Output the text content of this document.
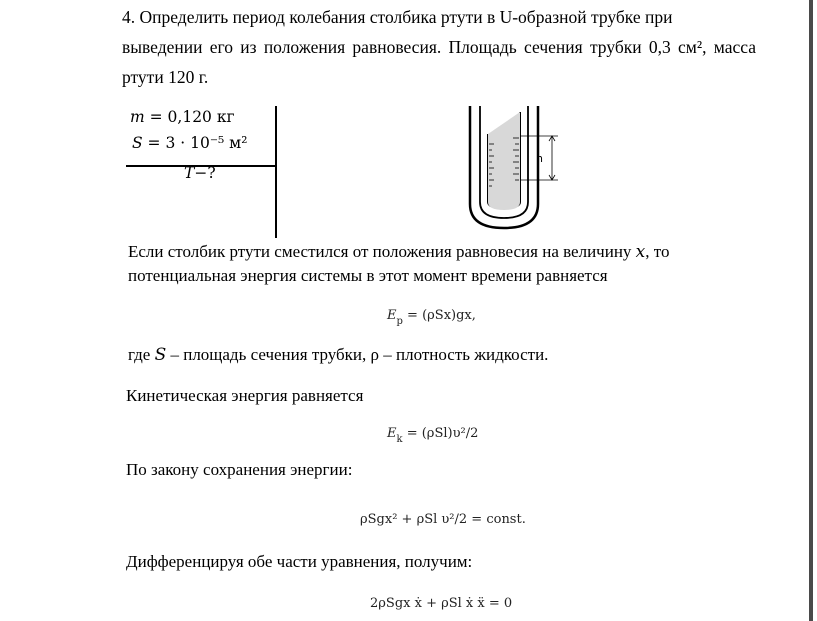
4. Определить период колебания столбика ртути в U-образной трубке при

выведении его из положения равновесия. Площадь сечения трубки 0,3 см², масса ртути 120 г.

𝑚 = 0,120 кг
𝑆 = 3 · 10⁻⁵ м²
𝑇−?
h
Если столбик ртути сместился от положения равновесия на величину 𝑥, то
потенциальная энергия системы в этот момент времени равняется
$E_p = (\rho Sx)gx$,
где 𝑆 – площадь сечения трубки, ρ – плотность жидкости.
Кинетическая энергия равняется
$E_k = (\rho Sl)\upsilon^2/2$
По закону сохранения энергии:
ρSgx² + ρSl υ²/2 = const.
Дифференцируя обе части уравнения, получим:
2ρSgx ẋ + ρSl ẋ ẍ = 0
